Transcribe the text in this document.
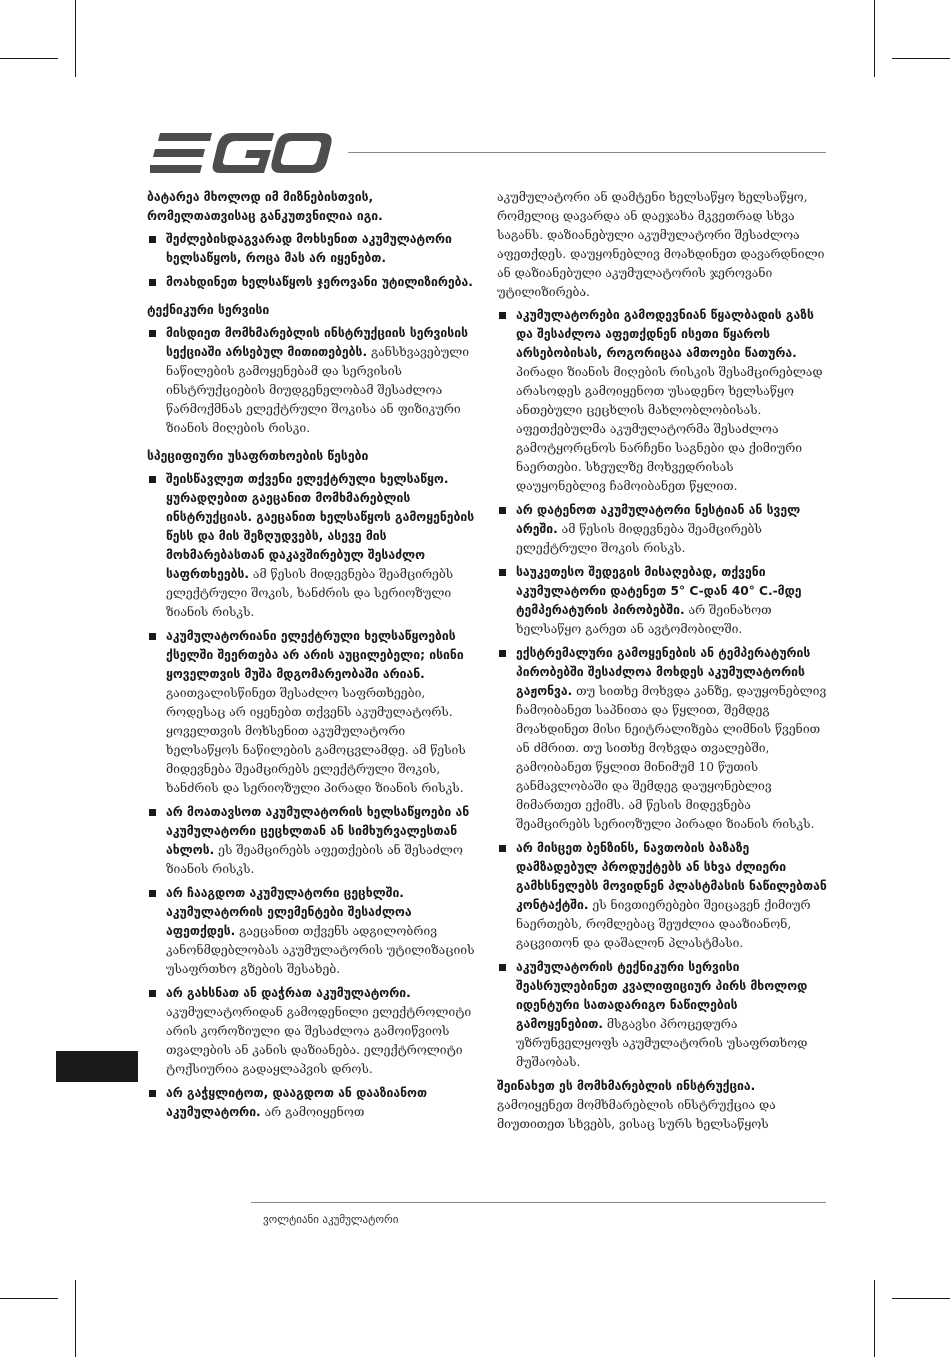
ბატარეა მხოლოდ იმ მიზნებისთვის, რომელთათვისაც განკუთვნილია იგი.

შეძლებისდაგვარად მოხსენით აკუმულატორი ხელსაწყოს, როცა მას არ იყენებთ.
მოახდინეთ ხელსაწყოს ჯეროვანი უტილიზირება.

ტექნიკური სერვისი

მისდიეთ მომხმარებლის ინსტრუქციის სერვისის სექციაში არსებულ მითითებებს. განსხვავებული ნაწილების გამოყენებამ და სერვისის ინსტრუქციების მიუდგენელობამ შესაძლოა წარმოქმნას ელექტრული შოკისა ან ფიზიკური ზიანის მიღების რისკი.

სპეციფიური უსაფრთხოების წესები

შეისწავლეთ თქვენი ელექტრული ხელსაწყო. ყურადღებით გაეცანით მომხმარებლის ინსტრუქციას. გაეცანით ხელსაწყოს გამოყენების წესს და მის შეზღუდვებს, ასევე მის მოხმარებასთან დაკავშირებულ შესაძლო საფრთხეებს. ამ წესის მიდევნება შეამცირებს ელექტრული შოკის, ხანძრის და სერიოზული ზიანის რისკს.
აკუმულატორიანი ელექტრული ხელსაწყოების ქსელში შეერთება არ არის აუცილებელი; ისინი ყოველთვის მუშა მდგომარეობაში არიან. გაითვალისწინეთ შესაძლო საფრთხეები, როდესაც არ იყენებთ თქვენს აკუმულატორს. ყოველთვის მოხსენით აკუმულატორი ხელსაწყოს ნაწილების გამოცვლამდე. ამ წესის მიდევნება შეამცირებს ელექტრული შოკის, ხანძრის და სერიოზული პირადი ზიანის რისკს.
არ მოათავსოთ აკუმულატორის ხელსაწყოები ან აკუმულატორი ცეცხლთან ან სიმხურვალესთან ახლოს. ეს შეამცირებს აფეთქების ან შესაძლო ზიანის რისკს.
არ ჩააგდოთ აკუმულატორი ცეცხლში. აკუმულატორის ელემენტები შესაძლოა აფეთქდეს. გაეცანით თქვენს ადგილობრივ კანონმდებლობას აკუმულატორის უტილიზაციის უსაფრთხო გზების შესახებ.
არ გახსნათ ან დაჭრათ აკუმულატორი. აკუმულატორიდან გამოდენილი ელექტროლიტი არის კოროზიული და შესაძლოა გამოიწვიოს თვალების ან კანის დაზიანება. ელექტროლიტი ტოქსიურია გადაყლაპვის დროს.
არ გაჭყლიტოთ, დააგდოთ ან დააზიანოთ აკუმულატორი. არ გამოიყენოთ

აკუმულატორი ან დამტენი ხელსაწყო ხელსაწყო, რომელიც დავარდა ან დაეჯახა მკვეთრად სხვა საგანს. დაზიანებული აკუმულატორი შესაძლოა აფეთქდეს. დაუყონებლივ მოახდინეთ დავარდნილი ან დაზიანებული აკუმულატორის ჯეროვანი უტილიზირება.

აკუმულატორები გამოდევნიან წყალბადის გაზს და შესაძლოა აფეთქდნენ ისეთი წყაროს არსებობისას, როგორიცაა ამთოები წათურა. პირადი ზიანის მიღების რისკის შესამცირებლად არასოდეს გამოიყენოთ უსადენო ხელსაწყო ანთებული ცეცხლის მახლობლობისას. აფეთქებულმა აკუმულატორმა შესაძლოა გამოტყორცნოს ნარჩენი საგნები და ქიმიური ნაერთები. სხეულზე მოხვედრისას დაუყონებლივ ჩამოიბანეთ წყლით.
არ დატენოთ აკუმულატორი ნესტიან ან სველ არეში. ამ წესის მიდევნება შეამცირებს ელექტრული შოკის რისკს.
საუკეთესო შედეგის მისაღებად, თქვენი აკუმულატორი დატენეთ 5° C-დან 40° C.-მდე ტემპერატურის პირობებში. არ შეინახოთ ხელსაწყო გარეთ ან ავტომობილში.
ექსტრემალური გამოყენების ან ტემპერატურის პირობებში შესაძლოა მოხდეს აკუმულატორის გაჟონვა. თუ სითხე მოხვდა კანზე, დაუყონებლივ ჩამოიბანეთ საპნითა და წყლით, შემდეგ მოახდინეთ მისი ნეიტრალიზება ლიმნის წვენით ან ძმრით. თუ სითხე მოხვდა თვალებში, გამოიბანეთ წყლით მინიმუმ 10 წუთის განმავლობაში და შემდეგ დაუყონებლივ მიმართეთ ექიმს. ამ წესის მიდევნება შეამცირებს სერიოზული პირადი ზიანის რისკს.
არ მისცეთ ბენზინს, ნავთობის ბაზაზე დამზადებულ პროდუქტებს ან სხვა ძლიერი გამხსნელებს მოვიდნენ პლასტმასის ნაწილებთან კონტაქტში. ეს ნივთიერებები შეიცავენ ქიმიურ ნაერთებს, რომლებაც შეუძლია დააზიანონ, გაცვითონ და დაშალონ პლასტმასი.
აკუმულატორის ტექნიკური სერვისი შეასრულებინეთ კვალიფიციურ პირს მხოლოდ იდენტური სათადარიგო ნაწილების გამოყენებით. მსგავსი პროცედურა უზრუნველყოფს აკუმულატორის უსაფრთხოდ მუშაობას.

შეინახეთ ეს მომხმარებლის ინსტრუქცია. გამოიყენეთ მომხმარებლის ინსტრუქცია და მიუთითეთ სხვებს, ვისაც სურს ხელსაწყოს

ვოლტიანი აკუმულატორი
